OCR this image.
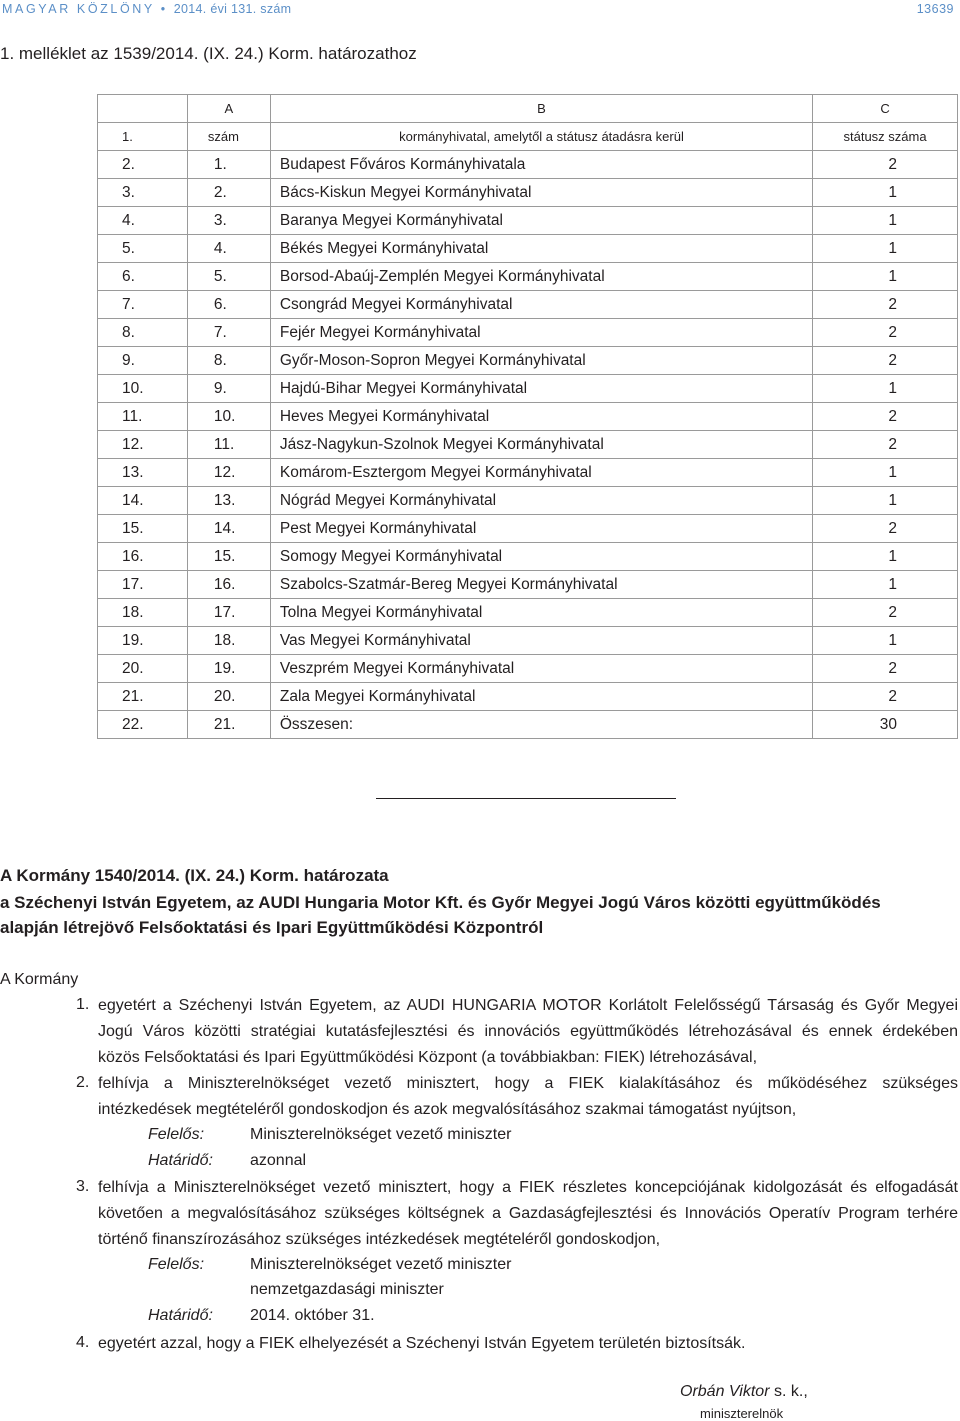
MAGYAR KÖZLÖNY • 2014. évi 131. szám	13639
1. melléklet az 1539/2014. (IX. 24.) Korm. határozathoz
	A	B	C
1.	szám	kormányhivatal, amelytől a státusz átadásra kerül	státusz száma
2.	1.	Budapest Főváros Kormányhivatala	2
3.	2.	Bács-Kiskun Megyei Kormányhivatal	1
4.	3.	Baranya Megyei Kormányhivatal	1
5.	4.	Békés Megyei Kormányhivatal	1
6.	5.	Borsod-Abaúj-Zemplén Megyei Kormányhivatal	1
7.	6.	Csongrád Megyei Kormányhivatal	2
8.	7.	Fejér Megyei Kormányhivatal	2
9.	8.	Győr-Moson-Sopron Megyei Kormányhivatal	2
10.	9.	Hajdú-Bihar Megyei Kormányhivatal	1
11.	10.	Heves Megyei Kormányhivatal	2
12.	11.	Jász-Nagykun-Szolnok Megyei Kormányhivatal	2
13.	12.	Komárom-Esztergom Megyei Kormányhivatal	1
14.	13.	Nógrád Megyei Kormányhivatal	1
15.	14.	Pest Megyei Kormányhivatal	2
16.	15.	Somogy Megyei Kormányhivatal	1
17.	16.	Szabolcs-Szatmár-Bereg Megyei Kormányhivatal	1
18.	17.	Tolna Megyei Kormányhivatal	2
19.	18.	Vas Megyei Kormányhivatal	1
20.	19.	Veszprém Megyei Kormányhivatal	2
21.	20.	Zala Megyei Kormányhivatal	2
22.	21.	Összesen:	30
A Kormány 1540/2014. (IX. 24.) Korm. határozata
a Széchenyi István Egyetem, az AUDI Hungaria Motor Kft. és Győr Megyei Jogú Város közötti együttműködés
alapján létrejövő Felsőoktatási és Ipari Együttműködési Központról
A Kormány
1. egyetért a Széchenyi István Egyetem, az AUDI HUNGARIA MOTOR Korlátolt Felelősségű Társaság és Győr Megyei
Jogú Város közötti stratégiai kutatásfejlesztési és innovációs együttműködés létrehozásával és ennek érdekében
közös Felsőoktatási és Ipari Együttműködési Központ (a továbbiakban: FIEK) létrehozásával,
2. felhívja a Miniszterelnökséget vezető minisztert, hogy a FIEK kialakításához és működéséhez szükséges
intézkedések megtételéről gondoskodjon és azok megvalósításához szakmai támogatást nyújtson,
Felelős:	Miniszterelnökséget vezető miniszter
Határidő: azonnal
3. felhívja a Miniszterelnökséget vezető minisztert, hogy a FIEK részletes koncepciójának kidolgozását és elfogadását
követően a megvalósításához szükséges költségnek a Gazdaságfejlesztési és Innovációs Operatív Program terhére
történő finanszírozásához szükséges intézkedések megtételéről gondoskodjon,
Felelős:	Miniszterelnökséget vezető miniszter
nemzetgazdasági miniszter
Határidő: 2014. október 31.
4. egyetért azzal, hogy a FIEK elhelyezését a Széchenyi István Egyetem területén biztosítsák.
Orbán Viktor s. k.,
miniszterelnök
